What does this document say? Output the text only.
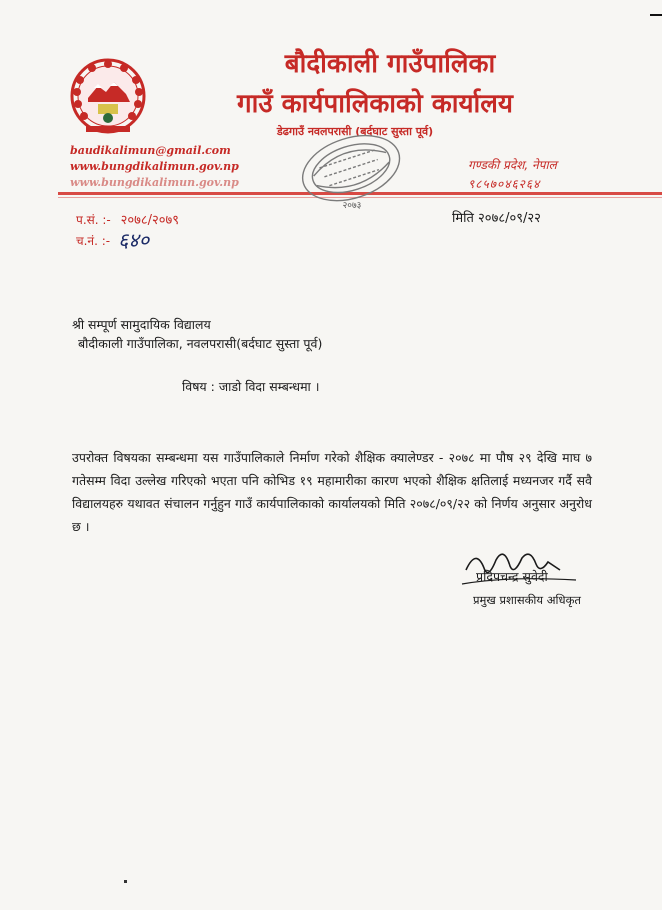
बौदीकाली गाउँपालिका
गाउँ कार्यपालिकाको कार्यालय
डेढगाउँ नवलपरासी (बर्दघाट सुस्ता पूर्व)
baudikalimun@gmail.com
www.bungdikalimun.gov.np
www.bungdikalimun.gov.np
गण्डकी प्रदेश, नेपाल
९८५७०४६२६४
२०७३
प.सं. :- २०७८/२०७९
च.नं. :- ६४०
मिति २०७८/०९/२२
श्री सम्पूर्ण सामुदायिक विद्यालय
बौदीकाली गाउँपालिका, नवलपरासी(बर्दघाट सुस्ता पूर्व)
विषय : जाडो विदा सम्बन्धमा ।
उपरोक्त विषयका सम्बन्धमा यस गाउँपालिकाले निर्माण गरेको शैक्षिक क्यालेण्डर - २०७८ मा पौष २९ देखि माघ ७ गतेसम्म विदा उल्लेख गरिएको भएता पनि कोभिड १९ महामारीका कारण भएको शैक्षिक क्षतिलाई मध्यनजर गर्दै सवै विद्यालयहरु यथावत संचालन गर्नुहुन गाउँ कार्यपालिकाको कार्यालयको मिति २०७८/०९/२२ को निर्णय अनुसार अनुरोध छ ।
प्रदिपचन्द्र सुवेदी
प्रमुख प्रशासकीय अधिकृत
